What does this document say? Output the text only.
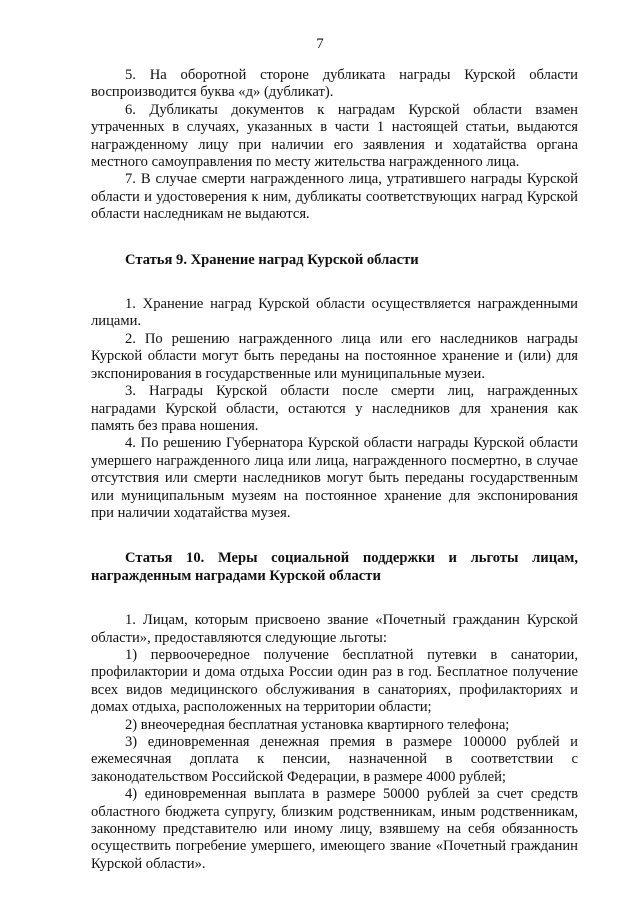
7

5. На оборотной стороне дубликата награды Курской области воспроизводится буква «д» (дубликат).

6. Дубликаты документов к наградам Курской области взамен утраченных в случаях, указанных в части 1 настоящей статьи, выдаются награжденному лицу при наличии его заявления и ходатайства органа местного самоуправления по месту жительства награжденного лица.

7. В случае смерти награжденного лица, утратившего награды Курской области и удостоверения к ним, дубликаты соответствующих наград Курской области наследникам не выдаются.

Статья 9. Хранение наград Курской области

1. Хранение наград Курской области осуществляется награжденными лицами.

2. По решению награжденного лица или его наследников награды Курской области могут быть переданы на постоянное хранение и (или) для экспонирования в государственные или муниципальные музеи.

3. Награды Курской области после смерти лиц, награжденных наградами Курской области, остаются у наследников для хранения как память без права ношения.

4. По решению Губернатора Курской области награды Курской области умершего награжденного лица или лица, награжденного посмертно, в случае отсутствия или смерти наследников могут быть переданы государственным или муниципальным музеям на постоянное хранение для экспонирования при наличии ходатайства музея.

Статья 10. Меры социальной поддержки и льготы лицам, награжденным наградами Курской области

1. Лицам, которым присвоено звание «Почетный гражданин Курской области», предоставляются следующие льготы:

1) первоочередное получение бесплатной путевки в санатории, профилактории и дома отдыха России один раз в год. Бесплатное получение всех видов медицинского обслуживания в санаториях, профилакториях и домах отдыха, расположенных на территории области;

2) внеочередная бесплатная установка квартирного телефона;

3) единовременная денежная премия в размере 100000 рублей и ежемесячная доплата к пенсии, назначенной в соответствии с законодательством Российской Федерации, в размере 4000 рублей;

4) единовременная выплата в размере 50000 рублей за счет средств областного бюджета супругу, близким родственникам, иным родственникам, законному представителю или иному лицу, взявшему на себя обязанность осуществить погребение умершего, имеющего звание «Почетный гражданин Курской области».
